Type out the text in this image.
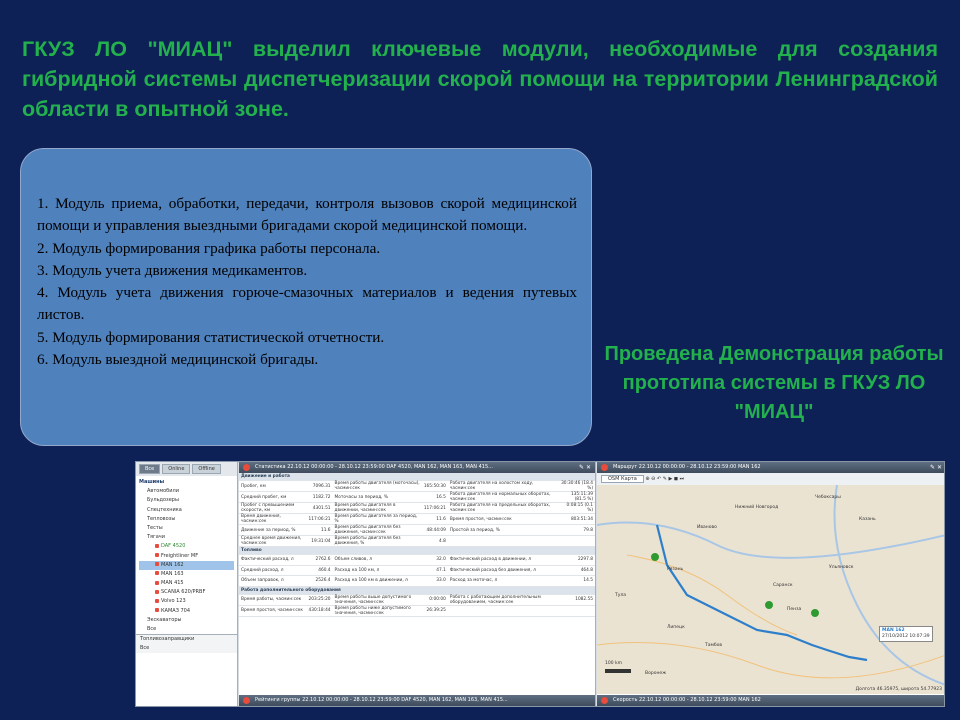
ГКУЗ ЛО "МИАЦ" выделил ключевые модули, необходимые для создания гибридной системы диспетчеризации скорой помощи на территории Ленинградской области в опытной зоне.
1. Модуль приема, обработки, передачи, контроля вызовов скорой медицинской помощи и управления выездными бригадами скорой медицинской помощи.
2. Модуль формирования графика работы персонала.
3. Модуль учета движения медикаментов.
4. Модуль учета движения горюче-смазочных материалов и ведения путевых листов.
5. Модуль формирования статистической отчетности.
6. Модуль выездной медицинской бригады.	Проведена Демонстрация работы прототипа системы в ГКУЗ ЛО "МИАЦ"

Все	Online	Offline
Машины
Автомобили
Бульдозеры
Спецтехника
Тепловозы
Тесты
Тягачи
DAF 4520
Freightliner MF
MAN 162
MAN 163
MAN 415
SCANIA 620/PRBF
Volvo 123
КАМАЗ 704
Экскаваторы
Все
Топливозаправщики
Все
Статистика 22.10.12 00:00:00 - 28.10.12 23:59:00 DAF 4520, MAN 162, MAN 163, MAN 415...	✎ ✕
Движение и работа					
Пробег, км	7096.31	Время работы двигателя (моточасы), часмин:сек	165:50:30	Работа двигателя на холостом ходу, часмин:сек	30:30:46 (18.4 %)
Средний пробег, км	1182.72	Моточасы за период, %	16.5	Работа двигателя на нормальных оборотах, часмин:сек	135:11:39 (81.5 %)
Пробег с превышением скорости, км	4301.51	Время работы двигателя в движении, часмин:сек	117:06:21	Работа двигателя на предельных оборотах, часмин:сек	0:08:15 (0.1 %)
Время движения, часмин:сек	117:06:21	Время работы двигателя за период, %	11.6	Время простоя, часмин:сек	803:51:34
Движение за период, %	11.6	Время работы двигателя без движения, часмин:сек	48:44:09	Простой за период, %	79.8
Среднее время движения, часмин:сек	19:31:04	Время работы двигателя без движения, %	4.8		
Топливо					
Фактический расход, л	2762.6	Объем сливов, л	32.0	Фактический расход в движении, л	2297.8
Средний расход, л	460.4	Расход на 100 км, л	47.1	Фактический расход без движения, л	464.8
Объем заправок, л	2526.4	Расход на 100 км в движении, л	33.0	Расход за моточас, л	14.5
Работа дополнительного оборудования					
Время работы, часмин:сек	203:25:20	Время работы выше допустимого значения, часмин:сек	0:00:00	Работа с работающим дополнительным оборудованием, часмин:сек	1082.55
Время простоя, часмин:сек	430:18:44	Время работы ниже допустимого значения, часмин:сек	26:39:25		
Рейтинги группы 22.10.12 00:00:00 - 28.10.12 23:59:00 DAF 4520, MAN 162, MAN 163, MAN 415...
Маршрут 22.10.12 00:00:00 - 28.10.12 23:59:00 MAN 162	✎ ✕
OSM Карта ⊕ ⊖ ↶ ✎ ▶ ◼ ⏭
Нижний Новгород
Чебоксары
Казань
Рязань
Тула
Саранск
Ульяновск
Пенза
Тамбов
Воронеж
Липецк
Иваново
MAN 162
27/10/2012 10:07:39
100 km
Долгота 46.35975, широта 54.77923
Скорость 22.10.12 00:00:00 - 28.10.12 23:59:00 MAN 162
